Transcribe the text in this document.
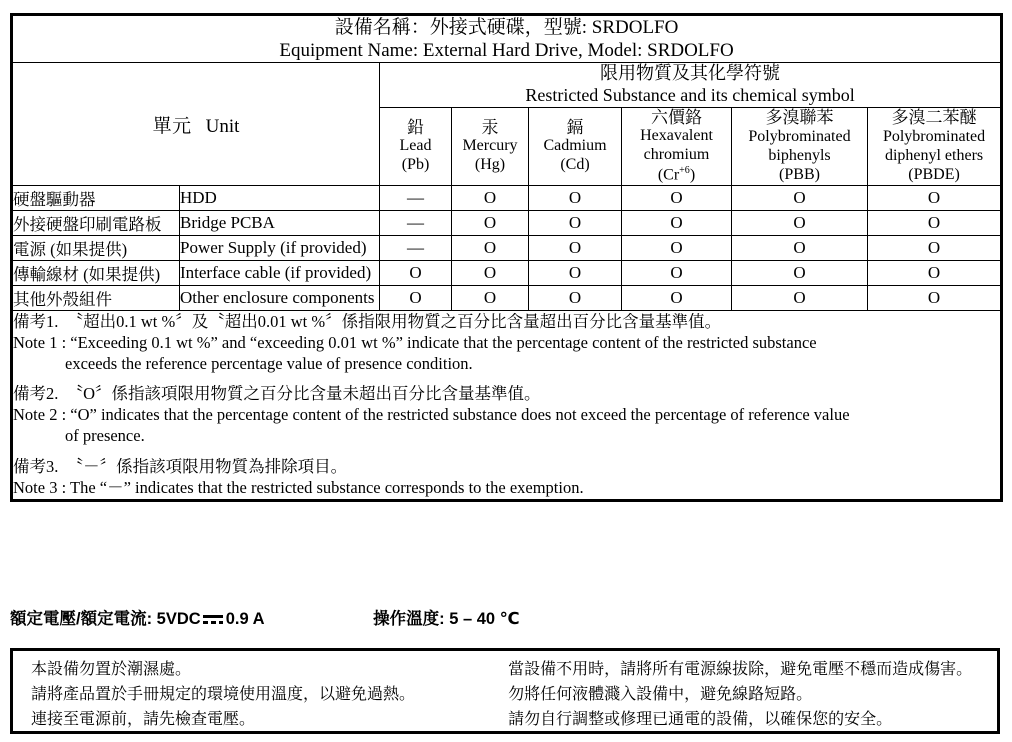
設備名稱：外接式硬碟，型號: SRDOLFO
Equipment Name: External Hard Drive, Model: SRDOLFO							

單元 Unit		限用物質及其化學符號
Restricted Substance and its chemical symbol					

		鉛
Lead
(Pb)	汞
Mercury
(Hg)	鎘
Cadmium
(Cd)	六價鉻
Hexavalent
chromium
$(Cr^{+6})$	多溴聯苯
Polybrominated
biphenyls
(PBB)	多溴二苯醚
Polybrominated
diphenyl ethers
(PBDE)

硬盤驅動器	HDD	—	O	O	O	O	O
外接硬盤印刷電路板	Bridge PCBA	—	O	O	O	O	O
電源 (如果提供)	Power Supply (if provided)	—	O	O	O	O	O
傳輸線材 (如果提供)	Interface cable (if provided)	O	O	O	O	O	O
其他外殼組件	Other enclosure components	O	O	O	O	O	O

備考1.　〝超出0.1 wt %〞及〝超出0.01 wt %〞係指限用物質之百分比含量超出百分比含量基準值。
Note 1 : “Exceeding 0.1 wt %” and “exceeding 0.01 wt %” indicate that the percentage content of the restricted substance
exceeds the reference percentage value of presence condition.
備考2.　〝O〞係指該項限用物質之百分比含量未超出百分比含量基準值。
Note 2 : “O” indicates that the percentage content of the restricted substance does not exceed the percentage of reference value
of presence.
備考3.　〝－〞係指該項限用物質為排除項目。
Note 3 : The “－” indicates that the restricted substance corresponds to the exemption.
額定電壓/額定電流: 5VDC 0.9 A	操作溫度: 5 – 40 ℃
本設備勿置於潮濕處。
請將產品置於手冊規定的環境使用溫度，以避免過熱。
連接至電源前，請先檢查電壓。
當設備不用時，請將所有電源線拔除，避免電壓不穩而造成傷害。
勿將任何液體濺入設備中，避免線路短路。
請勿自行調整或修理已通電的設備，以確保您的安全。
